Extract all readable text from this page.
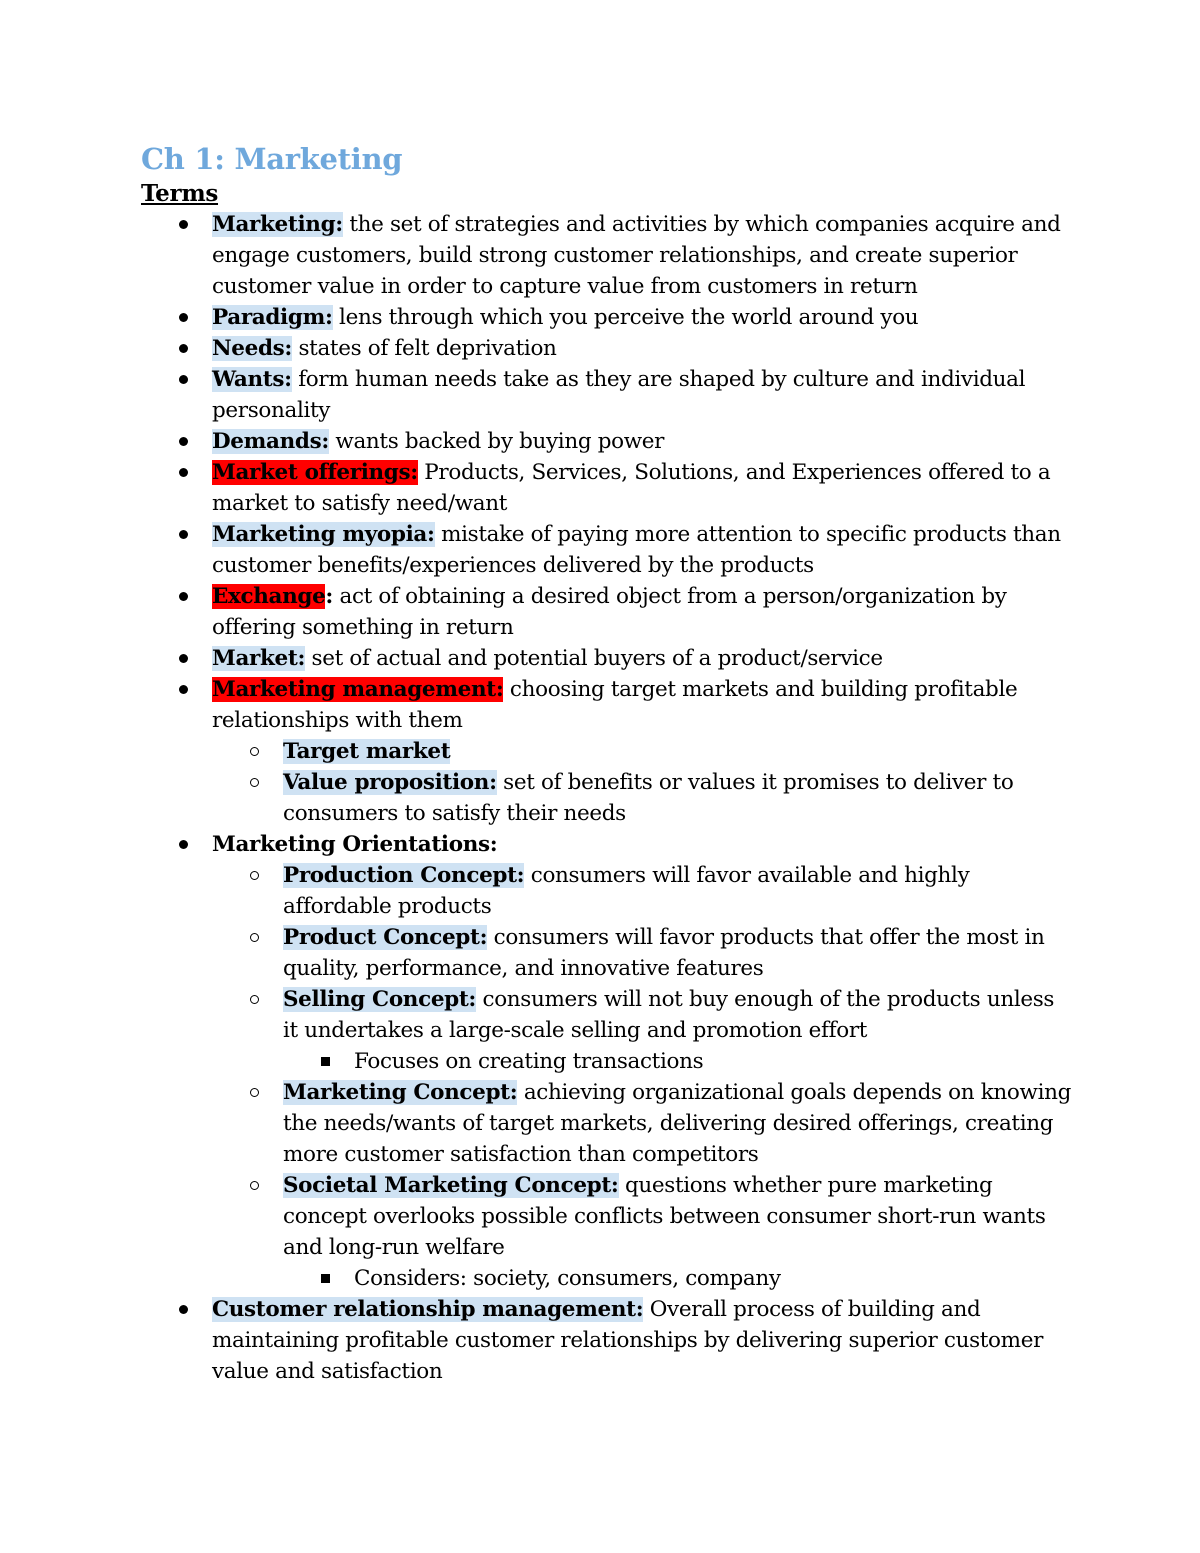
Ch 1: Marketing

Terms

Marketing: the set of strategies and activities by which companies acquire and engage customers, build strong customer relationships, and create superior customer value in order to capture value from customers in return
Paradigm: lens through which you perceive the world around you
Needs: states of felt deprivation
Wants: form human needs take as they are shaped by culture and individual personality
Demands: wants backed by buying power
Market offerings: Products, Services, Solutions, and Experiences offered to a market to satisfy need/want
Marketing myopia: mistake of paying more attention to specific products than customer benefits/experiences delivered by the products
Exchange: act of obtaining a desired object from a person/organization by offering something in return
Market: set of actual and potential buyers of a product/service
Marketing management: choosing target markets and building profitable relationships with them
Target market
Value proposition: set of benefits or values it promises to deliver to consumers to satisfy their needs
Marketing Orientations:
Production Concept: consumers will favor available and highly affordable products
Product Concept: consumers will favor products that offer the most in quality, performance, and innovative features
Selling Concept: consumers will not buy enough of the products unless it undertakes a large-scale selling and promotion effort
Focuses on creating transactions
Marketing Concept: achieving organizational goals depends on knowing the needs/wants of target markets, delivering desired offerings, creating more customer satisfaction than competitors
Societal Marketing Concept: questions whether pure marketing concept overlooks possible conflicts between consumer short-run wants and long-run welfare
Considers: society, consumers, company
Customer relationship management: Overall process of building and maintaining profitable customer relationships by delivering superior customer value and satisfaction
